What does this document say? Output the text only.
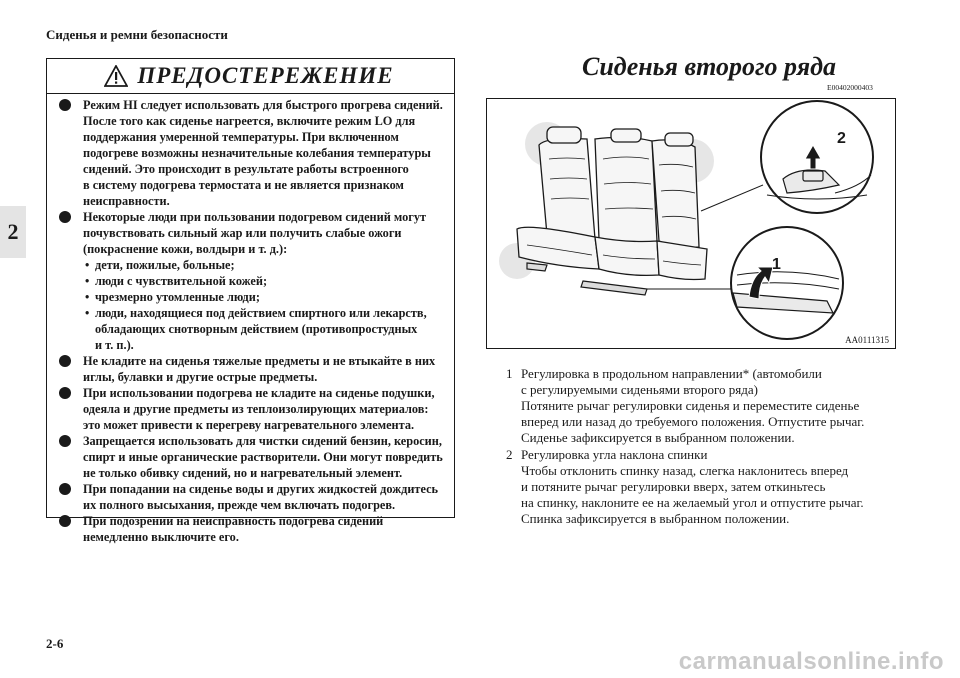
Сиденья и ремни безопасности
2
ПРЕДОСТЕРЕЖЕНИЕ
Режим HI следует использовать для быстрого прогрева сидений.
После того как сиденье нагреется, включите режим LO для
поддержания умеренной температуры. При включенном
подогреве возможны незначительные колебания температуры
сидений. Это происходит в результате работы встроенного
в систему подогрева термостата и не является признаком
неисправности.
Некоторые люди при пользовании подогревом сидений могут
почувствовать сильный жар или получить слабые ожоги
(покраснение кожи, волдыри и т. д.):
• дети, пожилые, больные;
• люди с чувствительной кожей;
• чрезмерно утомленные люди;
• люди, находящиеся под действием спиртного или лекарств,
обладающих снотворным действием (противопростудных
и т. п.).
Не кладите на сиденья тяжелые предметы и не втыкайте в них
иглы, булавки и другие острые предметы.
При использовании подогрева не кладите на сиденье подушки,
одеяла и другие предметы из теплоизолирующих материалов:
это может привести к перегреву нагревательного элемента.
Запрещается использовать для чистки сидений бензин, керосин,
спирт и иные органические растворители. Они могут повредить
не только обивку сидений, но и нагревательный элемент.
При попадании на сиденье воды и других жидкостей дождитесь
их полного высыхания, прежде чем включать подогрев.
При подозрении на неисправность подогрева сидений
немедленно выключите его.
Сиденья второго ряда
E00402000403
2
1
AA0111315
1 Регулировка в продольном направлении* (автомобили
с регулируемыми сиденьями второго ряда)
Потяните рычаг регулировки сиденья и переместите сиденье
вперед или назад до требуемого положения. Отпустите рычаг.
Сиденье зафиксируется в выбранном положении.
2 Регулировка угла наклона спинки
Чтобы отклонить спинку назад, слегка наклонитесь вперед
и потяните рычаг регулировки вверх, затем откиньтесь
на спинку, наклоните ее на желаемый угол и отпустите рычаг.
Спинка зафиксируется в выбранном положении.
2-6
carmanualsonline.info
